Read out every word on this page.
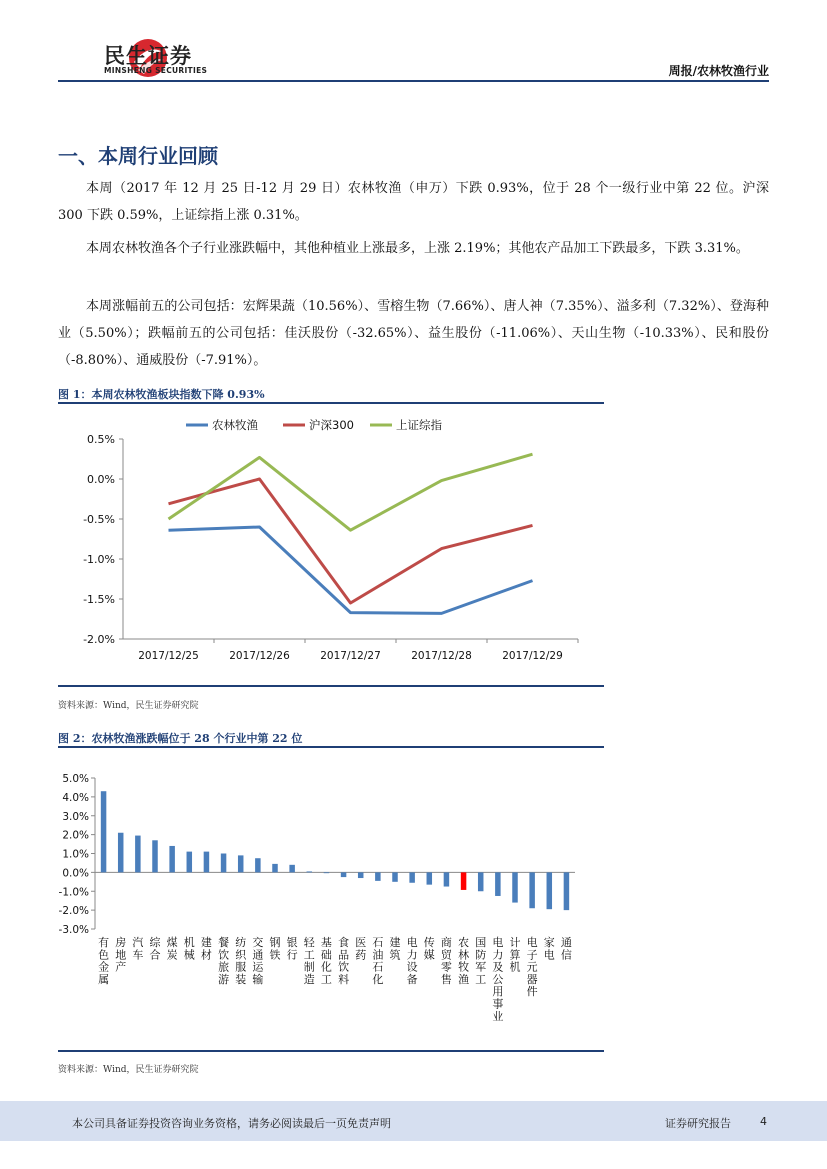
民生证券
MINSHENG SECURITIES	周报/农林牧渔行业
一、本周行业回顾
本周（2017 年 12 月 25 日-12 月 29 日）农林牧渔（申万）下跌 0.93%，位于 28 个一级行业中第 22 位。沪深 300 下跌 0.59%，上证综指上涨 0.31%。
本周农林牧渔各个子行业涨跌幅中，其他种植业上涨最多，上涨 2.19%；其他农产品加工下跌最多，下跌 3.31%。
本周涨幅前五的公司包括：宏辉果蔬（10.56%）、雪榕生物（7.66%）、唐人神（7.35%）、溢多利（7.32%）、登海种业（5.50%）；跌幅前五的公司包括：佳沃股份（-32.65%）、益生股份（-11.06%）、天山生物（-10.33%）、民和股份（-8.80%）、通威股份（-7.91%）。
图 1：本周农林牧渔板块指数下降 0.93%
0.5%
0.0%
-0.5%
-1.0%
-1.5%
-2.0%
2017/12/25	2017/12/26	2017/12/27	2017/12/28	2017/12/29
农林牧渔	沪深300	上证综指
资料来源：Wind，民生证券研究院
图 2：农林牧渔涨跌幅位于 28 个行业中第 22 位
5.0%
4.0%
3.0%
2.0%
1.0%
0.0%
-1.0%
-2.0%
-3.0%
有
色
金
属
房
地
产
汽
车
综
合
煤
炭
机
械
建
材
餐
饮
旅
游
纺
织
服
装
交
通
运
输
钢
铁
银
行
轻
工
制
造
基
础
化
工
食
品
饮
料
医
药
石
油
石
化
建
筑
电
力
设
备
传
媒
商
贸
零
售
农
林
牧
渔
国
防
军
工
电
力
及
公
用
事
业
计
算
机
电
子
元
器
件
家
电
通
信
资料来源：Wind，民生证券研究院
本公司具备证券投资咨询业务资格，请务必阅读最后一页免责声明	证券研究报告	4
